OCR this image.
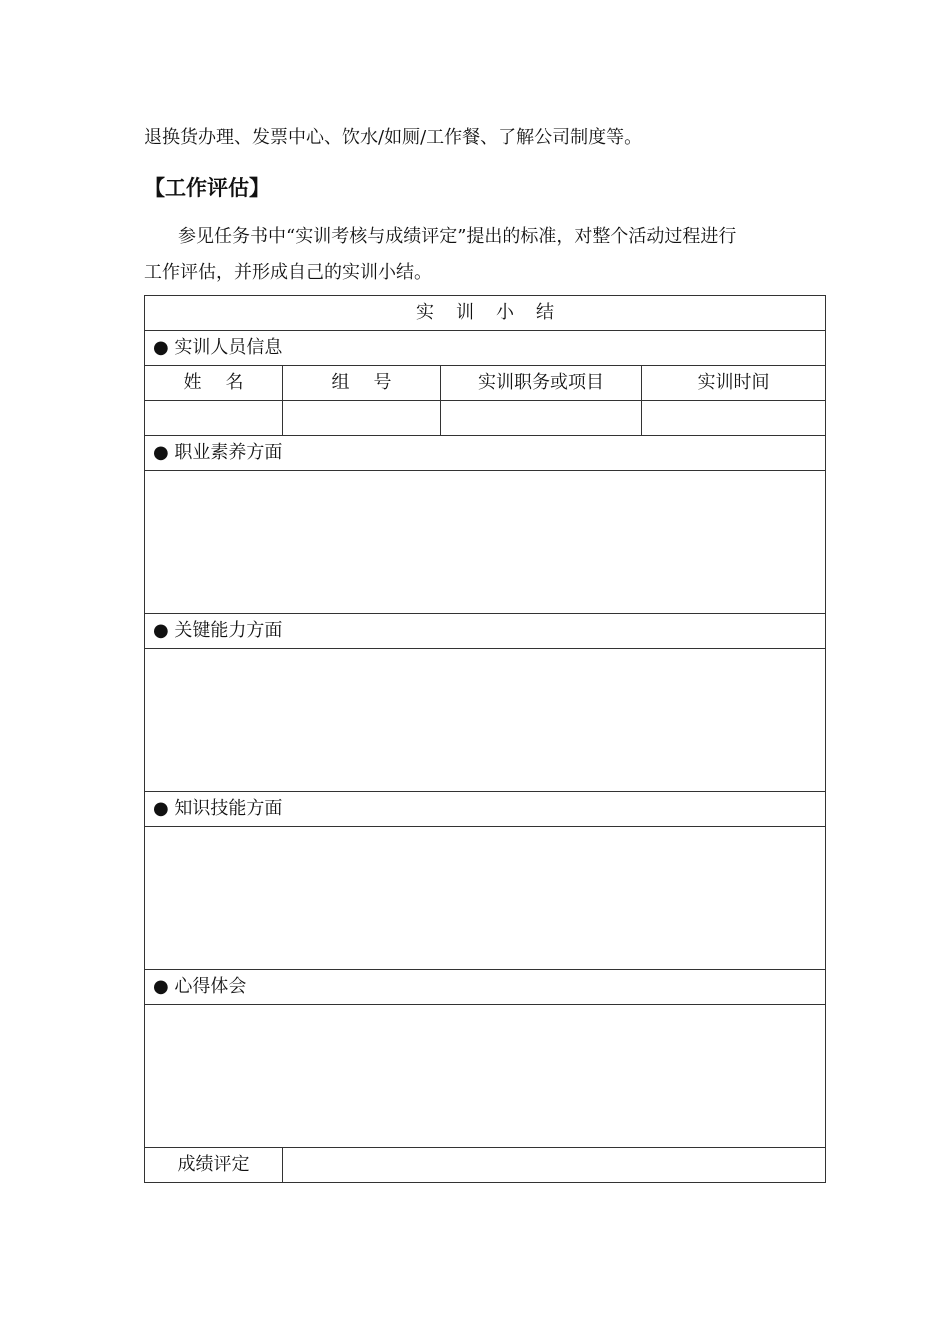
退换货办理、发票中心、饮水/如厕/工作餐、了解公司制度等。
【工作评估】
参见任务书中“实训考核与成绩评定”提出的标准，对整个活动过程进行
工作评估，并形成自己的实训小结。
实训小结			
● 实训人员信息			
姓名	组号	实训职务或项目	实训时间

● 职业素养方面			

● 关键能力方面			

● 知识技能方面			

● 心得体会			

成绩评定			
